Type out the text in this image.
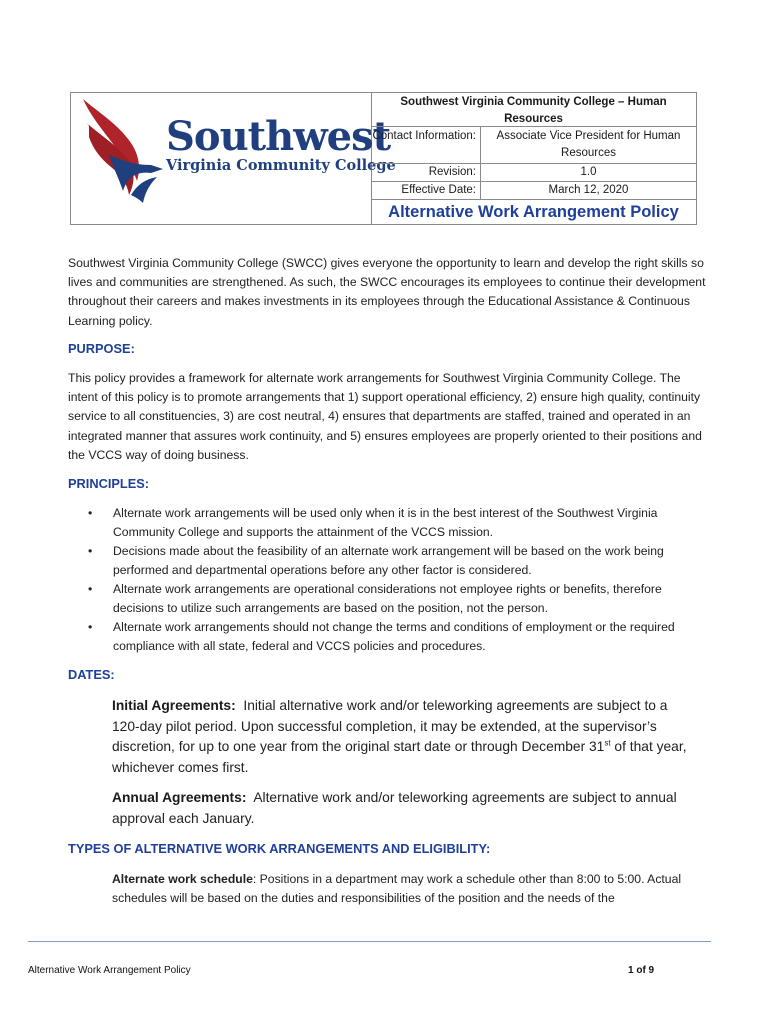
Southwest
Virginia Community College
Southwest Virginia Community College – Human Resources
Contact Information:	Associate Vice President for Human Resources
Revision:	1.0
Effective Date:	March 12, 2020
Alternative Work Arrangement Policy
Southwest Virginia Community College (SWCC) gives everyone the opportunity to learn and develop the right skills so lives and communities are strengthened. As such, the SWCC encourages its employees to continue their development throughout their careers and makes investments in its employees through the Educational Assistance & Continuous Learning policy.
PURPOSE:
This policy provides a framework for alternate work arrangements for Southwest Virginia Community College. The intent of this policy is to promote arrangements that 1) support operational efficiency, 2) ensure high quality, continuity service to all constituencies, 3) are cost neutral, 4) ensures that departments are staffed, trained and operated in an integrated manner that assures work continuity, and 5) ensures employees are properly oriented to their positions and the VCCS way of doing business.
PRINCIPLES:
• Alternate work arrangements will be used only when it is in the best interest of the Southwest Virginia Community College and supports the attainment of the VCCS mission.
• Decisions made about the feasibility of an alternate work arrangement will be based on the work being performed and departmental operations before any other factor is considered.
• Alternate work arrangements are operational considerations not employee rights or benefits, therefore decisions to utilize such arrangements are based on the position, not the person.
• Alternate work arrangements should not change the terms and conditions of employment or the required compliance with all state, federal and VCCS policies and procedures.
DATES:
Initial Agreements: Initial alternative work and/or teleworking agreements are subject to a 120-day pilot period. Upon successful completion, it may be extended, at the supervisor’s discretion, for up to one year from the original start date or through December 31st of that year, whichever comes first.
Annual Agreements: Alternative work and/or teleworking agreements are subject to annual approval each January.
TYPES OF ALTERNATIVE WORK ARRANGEMENTS AND ELIGIBILITY:
Alternate work schedule: Positions in a department may work a schedule other than 8:00 to 5:00. Actual schedules will be based on the duties and responsibilities of the position and the needs of the
Alternative Work Arrangement Policy	1 of 9
